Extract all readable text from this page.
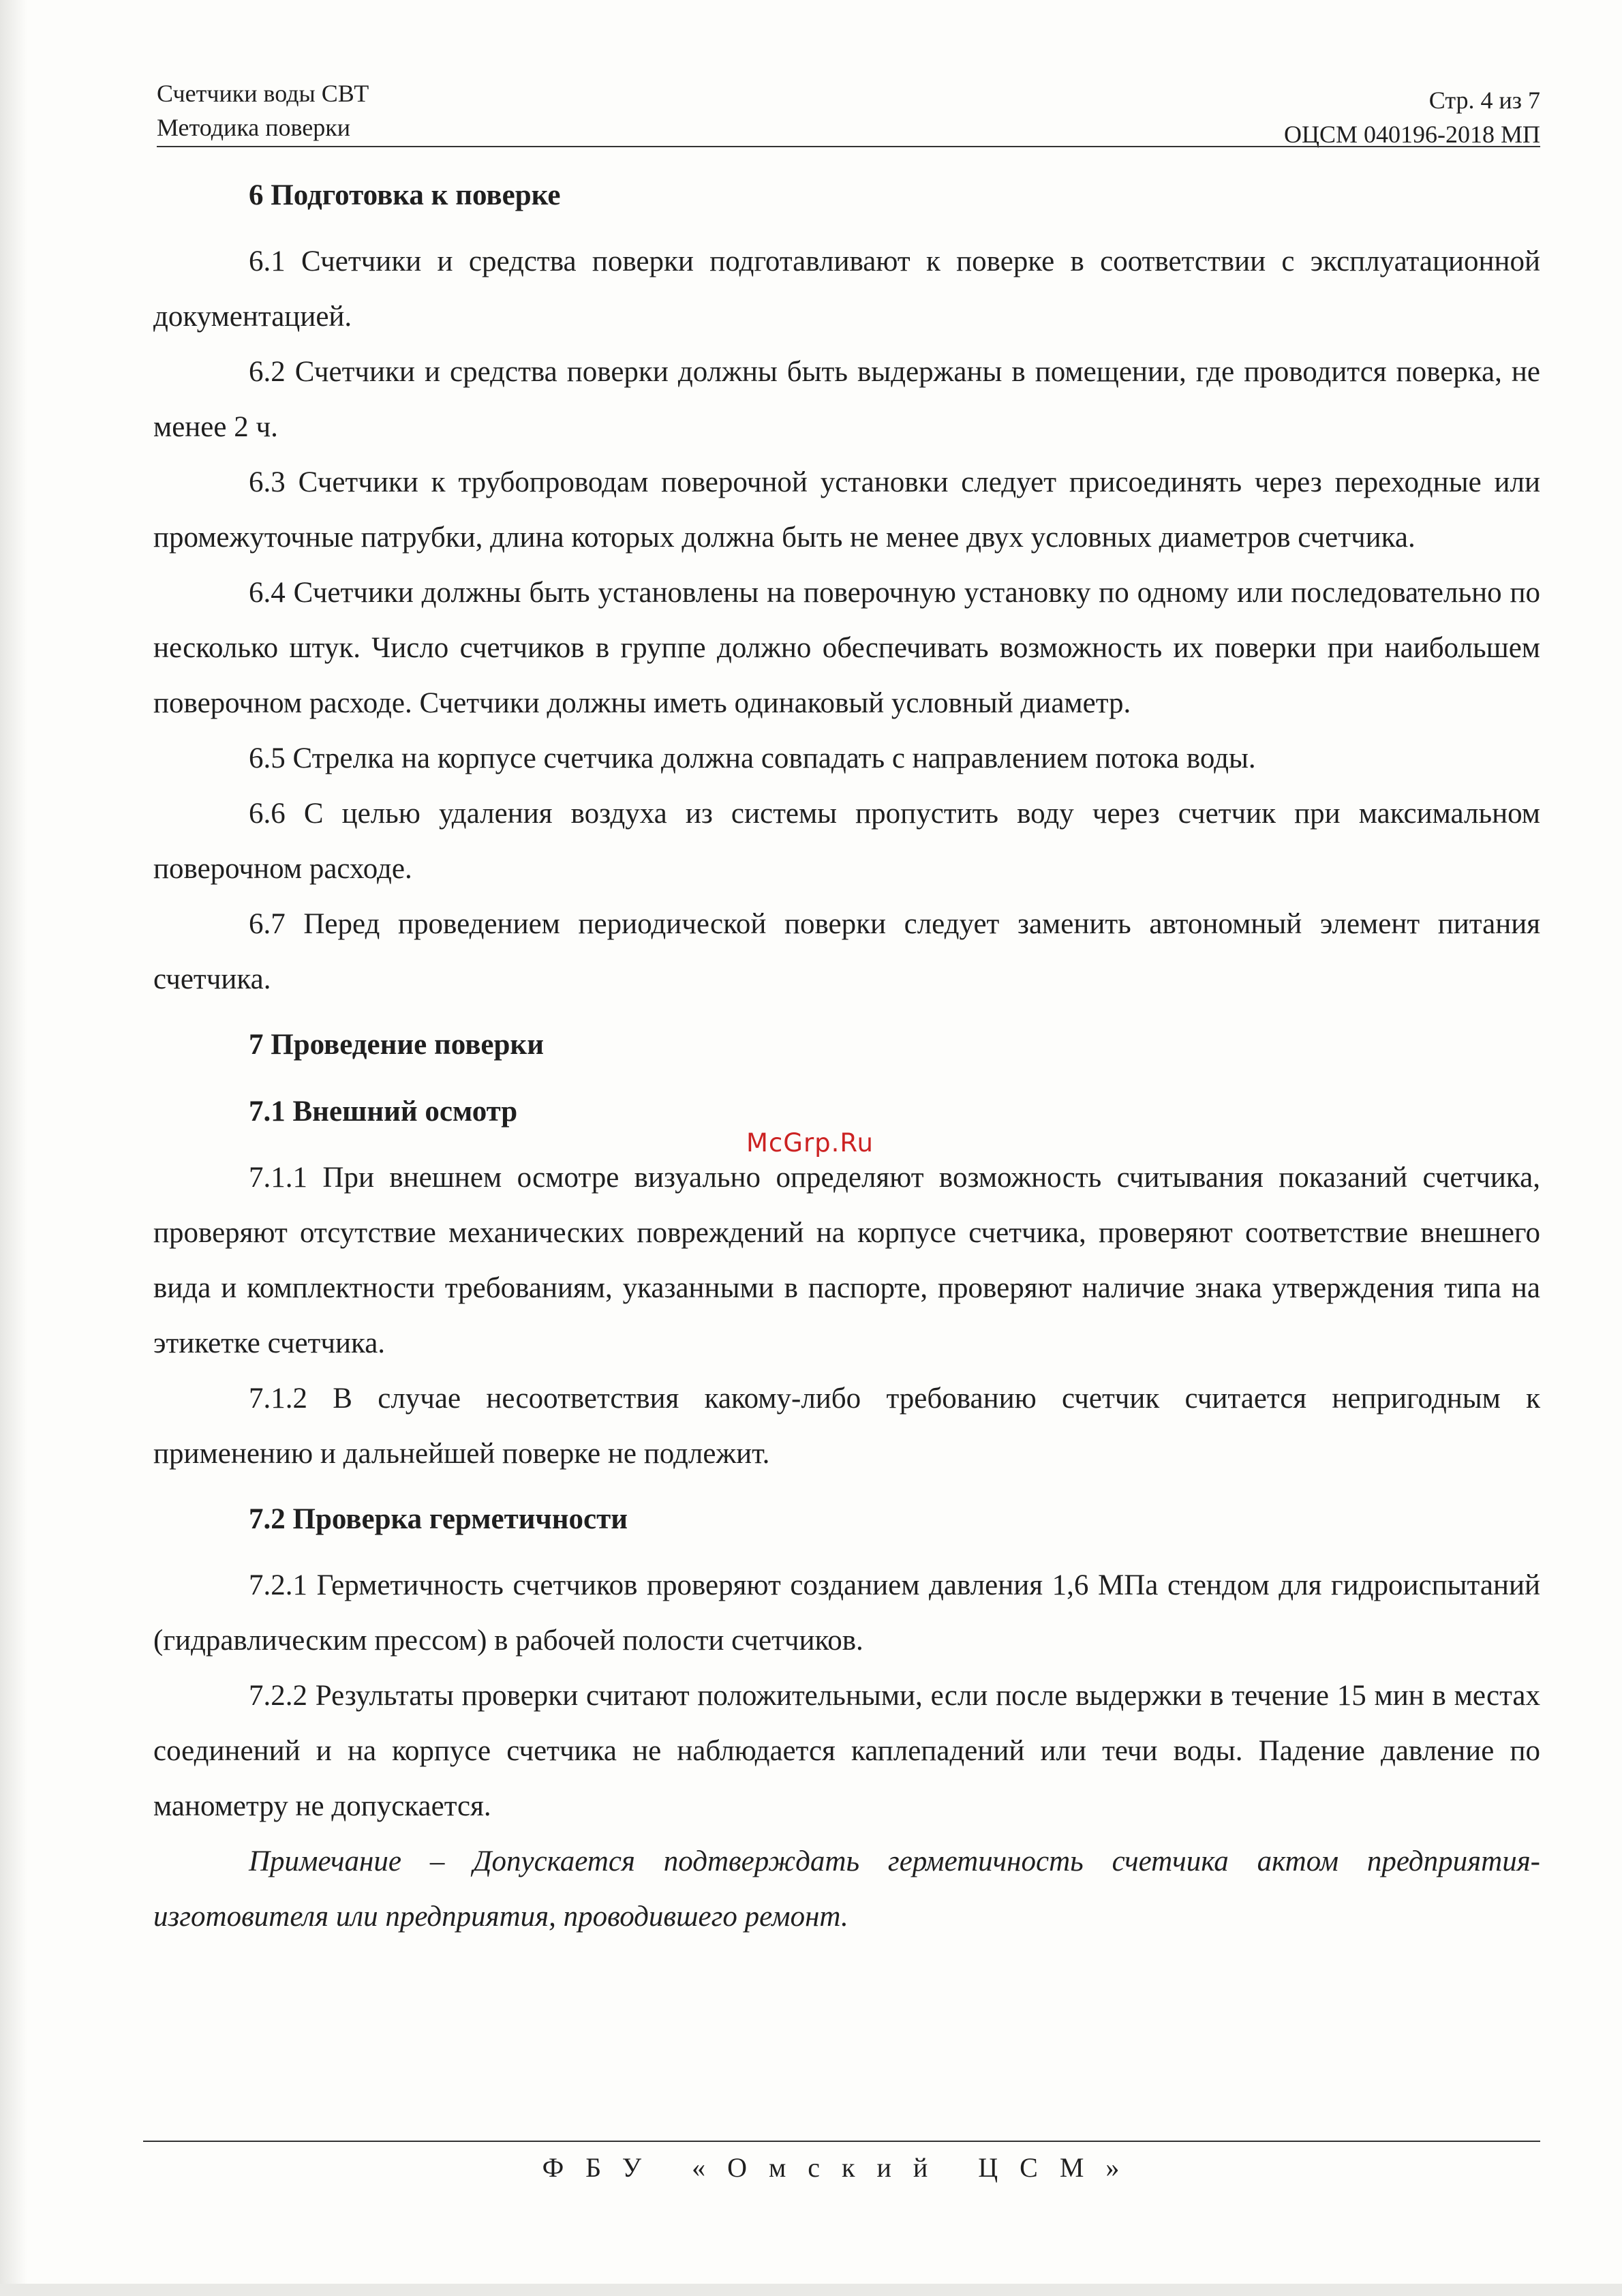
Счетчики воды СВТ
Методика поверки
Стр. 4 из 7
ОЦСМ 040196-2018 МП
6 Подготовка к поверке

6.1 Счетчики и средства поверки подготавливают к поверке в соответствии с эксплуатационной документацией.

6.2 Счетчики и средства поверки должны быть выдержаны в помещении, где проводится поверка, не менее 2 ч.

6.3 Счетчики к трубопроводам поверочной установки следует присоединять через переходные или промежуточные патрубки, длина которых должна быть не менее двух условных диаметров счетчика.

6.4 Счетчики должны быть установлены на поверочную установку по одному или последовательно по несколько штук. Число счетчиков в группе должно обеспечивать возможность их поверки при наибольшем поверочном расходе. Счетчики должны иметь одинаковый условный диаметр.

6.5 Стрелка на корпусе счетчика должна совпадать с направлением потока воды.

6.6 С целью удаления воздуха из системы пропустить воду через счетчик при максимальном поверочном расходе.

6.7 Перед проведением периодической поверки следует заменить автономный элемент питания счетчика.

7 Проведение поверки
7.1 Внешний осмотр

7.1.1 При внешнем осмотре визуально определяют возможность считывания показаний счетчика, проверяют отсутствие механических повреждений на корпусе счетчика, проверяют соответствие внешнего вида и комплектности требованиям, указанными в паспорте, проверяют наличие знака утверждения типа на этикетке счетчика.

7.1.2 В случае несоответствия какому-либо требованию счетчик считается непригодным к применению и дальнейшей поверке не подлежит.

7.2 Проверка герметичности

7.2.1 Герметичность счетчиков проверяют созданием давления 1,6 МПа стендом для гидроиспытаний (гидравлическим прессом) в рабочей полости счетчиков.

7.2.2 Результаты проверки считают положительными, если после выдержки в течение 15 мин в местах соединений и на корпусе счетчика не наблюдается каплепадений или течи воды. Падение давление по манометру не допускается.

Примечание – Допускается подтверждать герметичность счетчика актом предприятия-изготовителя или предприятия, проводившего ремонт.

McGrp.Ru
ФБУ «Омский ЦСМ»
